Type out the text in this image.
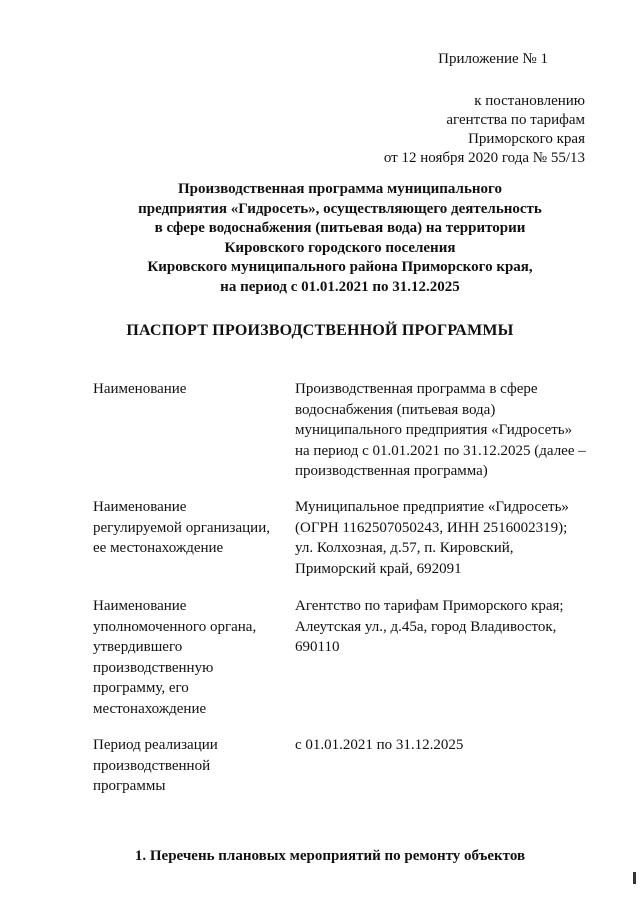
Приложение № 1
к постановлению
агентства по тарифам
Приморского края
от 12 ноября 2020 года № 55/13
Производственная программа муниципального
предприятия «Гидросеть», осуществляющего деятельность
в сфере водоснабжения (питьевая вода) на территории
Кировского городского поселения
Кировского муниципального района Приморского края,
на период с 01.01.2021 по 31.12.2025
ПАСПОРТ ПРОИЗВОДСТВЕННОЙ ПРОГРАММЫ
Наименование	Производственная программа в сфере
водоснабжения (питьевая вода)
муниципального предприятия «Гидросеть»
на период с 01.01.2021 по 31.12.2025 (далее –
производственная программа)
Наименование
регулируемой организации,
ее местонахождение
Муниципальное предприятие «Гидросеть»
(ОГРН 1162507050243, ИНН 2516002319);
ул. Колхозная, д.57, п. Кировский,
Приморский край, 692091
Наименование
уполномоченного органа,
утвердившего
производственную
программу, его
местонахождение
Агентство по тарифам Приморского края;
Алеутская ул., д.45а, город Владивосток,
690110
Период реализации
производственной
программы
с 01.01.2021 по 31.12.2025
1. Перечень плановых мероприятий по ремонту объектов
